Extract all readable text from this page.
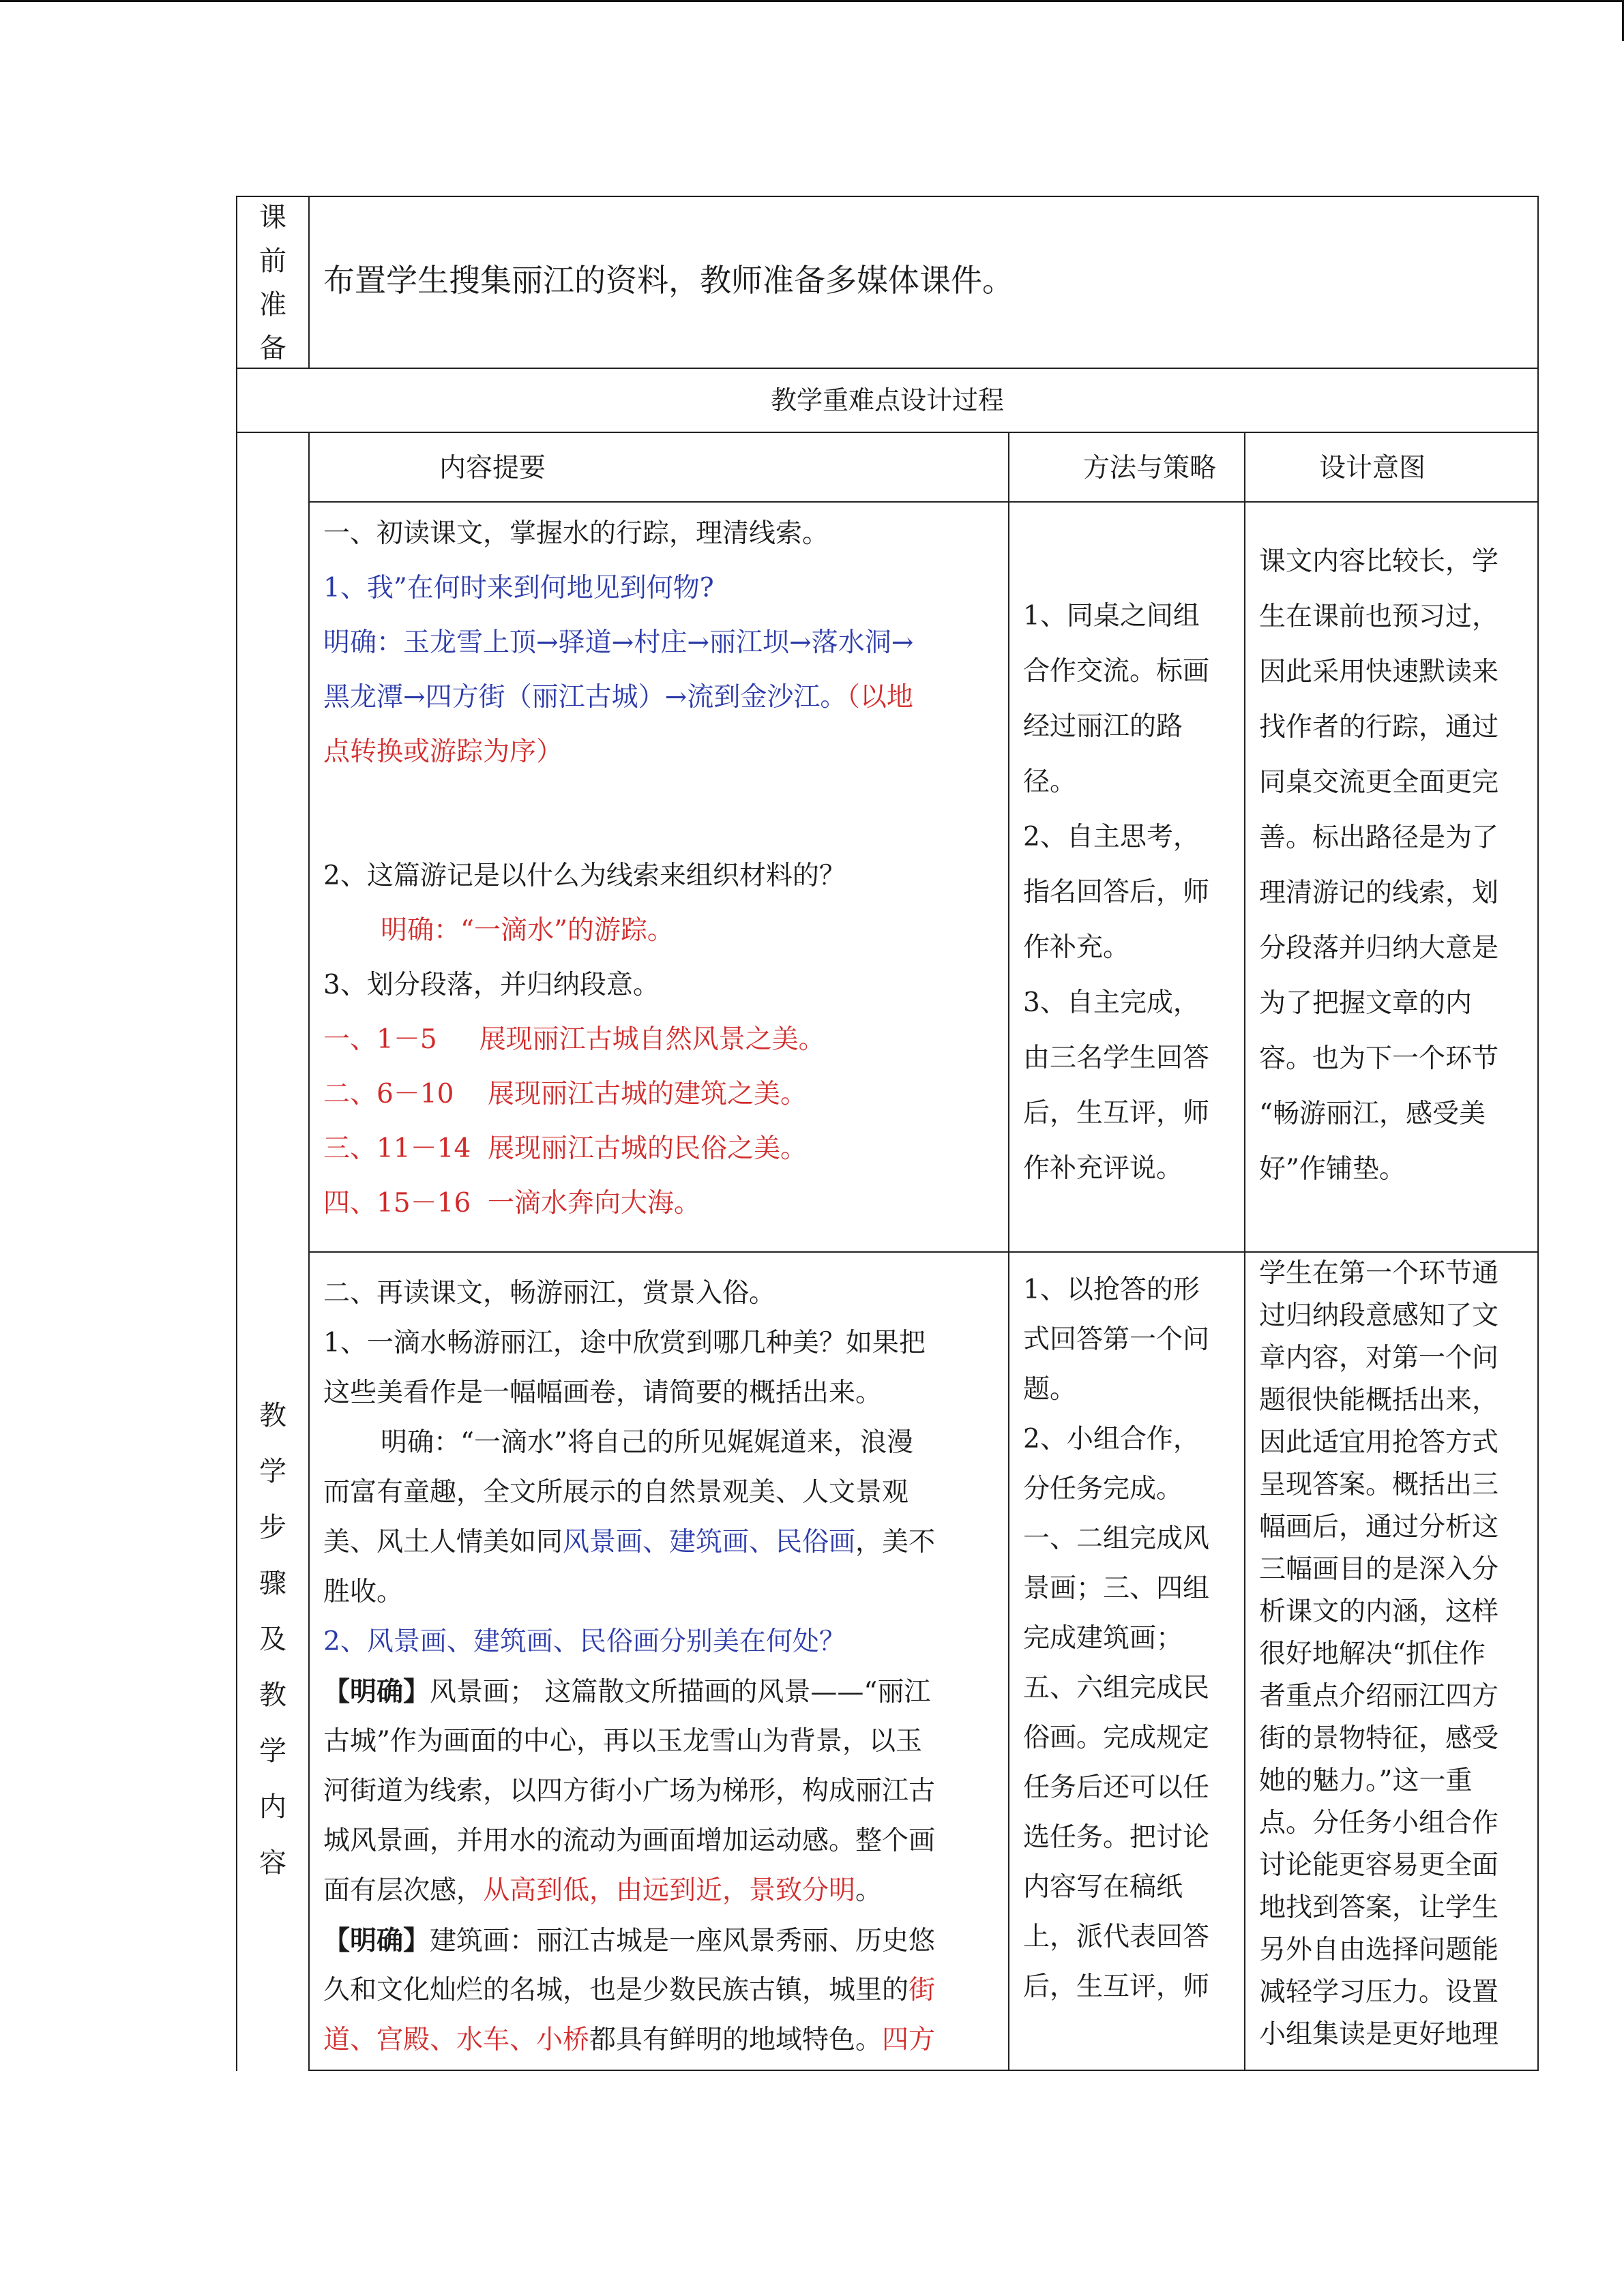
课
前
准
备
布置学生搜集丽江的资料，教师准备多媒体课件。
教学重难点设计过程
教
学
步
骤
及
教
学
内
容
内容提要	方法与策略	设计意图
一、初读课文，掌握水的行踪，理清线索。
1、我”在何时来到何地见到何物?
明确：玉龙雪上顶→驿道→村庄→丽江坝→落水洞→
黑龙潭→四方街（丽江古城）→流到金沙江。（以地
点转换或游踪为序）
2、这篇游记是以什么为线索来组织材料的？
明确：“一滴水”的游踪。
3、划分段落，并归纳段意。
一、1－5     展现丽江古城自然风景之美。
二、6－10    展现丽江古城的建筑之美。
三、11－14  展现丽江古城的民俗之美。
四、15－16  一滴水奔向大海。
1、同桌之间组
合作交流。标画
经过丽江的路
径。
2、自主思考，
指名回答后，师
作补充。
3、自主完成，
由三名学生回答
后，生互评，师
作补充评说。
课文内容比较长，学
生在课前也预习过，
因此采用快速默读来
找作者的行踪，通过
同桌交流更全面更完
善。标出路径是为了
理清游记的线索，划
分段落并归纳大意是
为了把握文章的内
容。也为下一个环节
“畅游丽江，感受美
好”作铺垫。
二、再读课文，畅游丽江，赏景入俗。
1、一滴水畅游丽江，途中欣赏到哪几种美？如果把
这些美看作是一幅幅画卷，请简要的概括出来。
明确：“一滴水”将自己的所见娓娓道来，浪漫
而富有童趣，全文所展示的自然景观美、人文景观
美、风土人情美如同风景画、建筑画、民俗画，美不
胜收。
2、风景画、建筑画、民俗画分别美在何处？
【明确】风景画； 这篇散文所描画的风景——“丽江
古城”作为画面的中心，再以玉龙雪山为背景，以玉
河街道为线索，以四方街小广场为梯形，构成丽江古
城风景画，并用水的流动为画面增加运动感。整个画
面有层次感，从高到低，由远到近，景致分明。
【明确】建筑画：丽江古城是一座风景秀丽、历史悠
久和文化灿烂的名城，也是少数民族古镇，城里的街
道、宫殿、水车、小桥都具有鲜明的地域特色。四方
1、以抢答的形
式回答第一个问
题。
2、小组合作，
分任务完成。
一、二组完成风
景画；三、四组
完成建筑画；
五、六组完成民
俗画。完成规定
任务后还可以任
选任务。把讨论
内容写在稿纸
上，派代表回答
后，生互评，师
学生在第一个环节通
过归纳段意感知了文
章内容，对第一个问
题很快能概括出来，
因此适宜用抢答方式
呈现答案。概括出三
幅画后，通过分析这
三幅画目的是深入分
析课文的内涵，这样
很好地解决“抓住作
者重点介绍丽江四方
街的景物特征，感受
她的魅力。”这一重
点。分任务小组合作
讨论能更容易更全面
地找到答案，让学生
另外自由选择问题能
减轻学习压力。设置
小组集读是更好地理
